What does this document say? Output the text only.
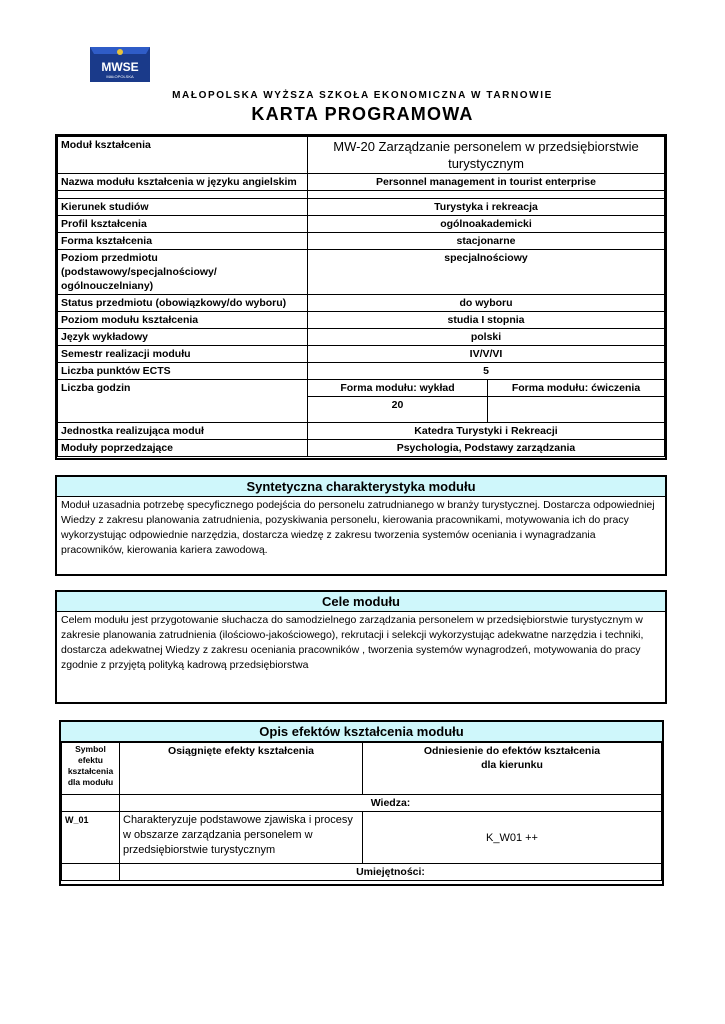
MWSE
MAŁOPOLSKA
MAŁOPOLSKA WYŻSZA SZKOŁA EKONOMICZNA W TARNOWIE
KARTA PROGRAMOWA
Moduł kształcenia	MW-20 Zarządzanie personelem w przedsiębiorstwie turystycznym	
Nazwa modułu kształcenia w języku angielskim	Personnel management in tourist enterprise	

Kierunek studiów	Turystyka i rekreacja	
Profil kształcenia	ogólnoakademicki	
Forma kształcenia	stacjonarne	
Poziom przedmiotu (podstawowy/specjalnościowy/ ogólnouczelniany)	specjalnościowy	
Status przedmiotu (obowiązkowy/do wyboru)	do wyboru	
Poziom modułu kształcenia	studia I stopnia	
Język wykładowy	polski	
Semestr realizacji modułu	IV/V/VI	
Liczba punktów ECTS	5	
Liczba godzin	Forma modułu: wykład	Forma modułu: ćwiczenia
	20	
Jednostka realizująca moduł	Katedra Turystyki i Rekreacji	
Moduły poprzedzające	Psychologia, Podstawy zarządzania	
Syntetyczna charakterystyka modułu
Moduł uzasadnia potrzebę specyficznego podejścia do personelu zatrudnianego w branży turystycznej. Dostarcza odpowiedniej Wiedzy z zakresu planowania zatrudnienia, pozyskiwania personelu, kierowania pracownikami, motywowania ich do pracy wykorzystując odpowiednie narzędzia, dostarcza wiedzę z zakresu tworzenia systemów oceniania i wynagradzania pracowników, kierowania kariera zawodową.
Cele modułu
Celem modułu jest przygotowanie słuchacza do samodzielnego zarządzania personelem w przedsiębiorstwie turystycznym w zakresie planowania zatrudnienia (ilościowo-jakościowego), rekrutacji i selekcji wykorzystując adekwatne narzędzia i techniki, dostarcza adekwatnej Wiedzy z zakresu oceniania pracowników , tworzenia systemów wynagrodzeń, motywowania do pracy zgodnie z przyjętą polityką kadrową przedsiębiorstwa
Opis efektów kształcenia modułu
Symbol efektu kształcenia dla modułu	Osiągnięte efekty kształcenia	Odniesienie do efektów kształcenia dla kierunku
	Wiedza:	
W_01	Charakteryzuje podstawowe zjawiska i procesy w obszarze zarządzania personelem w przedsiębiorstwie turystycznym	K_W01 ++
	Umiejętności:	
